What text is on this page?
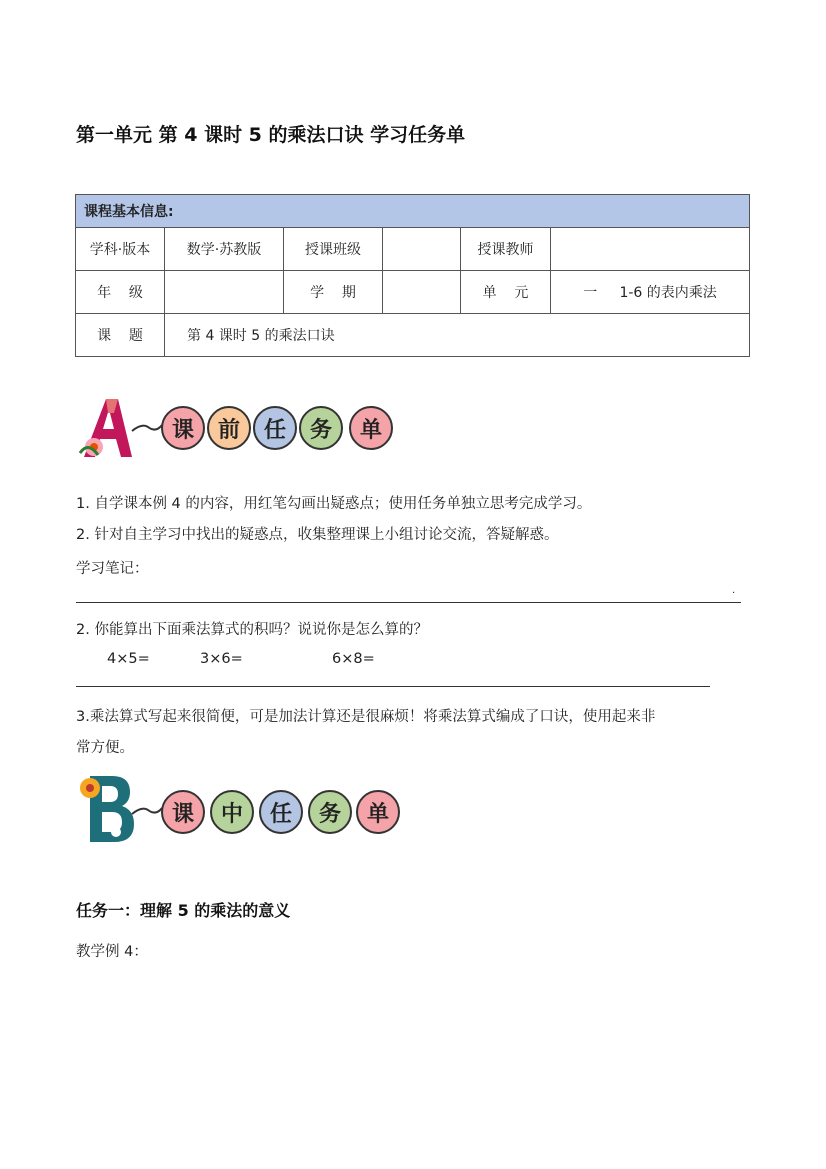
第一单元 第 4 课时 5 的乘法口诀 学习任务单
课程基本信息:					
学科·版本	数学·苏教版	授课班级		授课教师	
年    级		学    期		单    元	一     1-6 的表内乘法
课    题	第 4 课时 5 的乘法口诀				
课	前	任	务	单
1. 自学课本例 4 的内容，用红笔勾画出疑惑点；使用任务单独立思考完成学习。
2. 针对自主学习中找出的疑惑点，收集整理课上小组讨论交流，答疑解惑。
学习笔记：
.
2. 你能算出下面乘法算式的积吗？说说你是怎么算的？
4×5=	3×6=	6×8=
3.乘法算式写起来很简便，可是加法计算还是很麻烦！将乘法算式编成了口诀，使用起来非
常方便。
课	中	任	务	单
任务一：理解 5 的乘法的意义
教学例 4：
